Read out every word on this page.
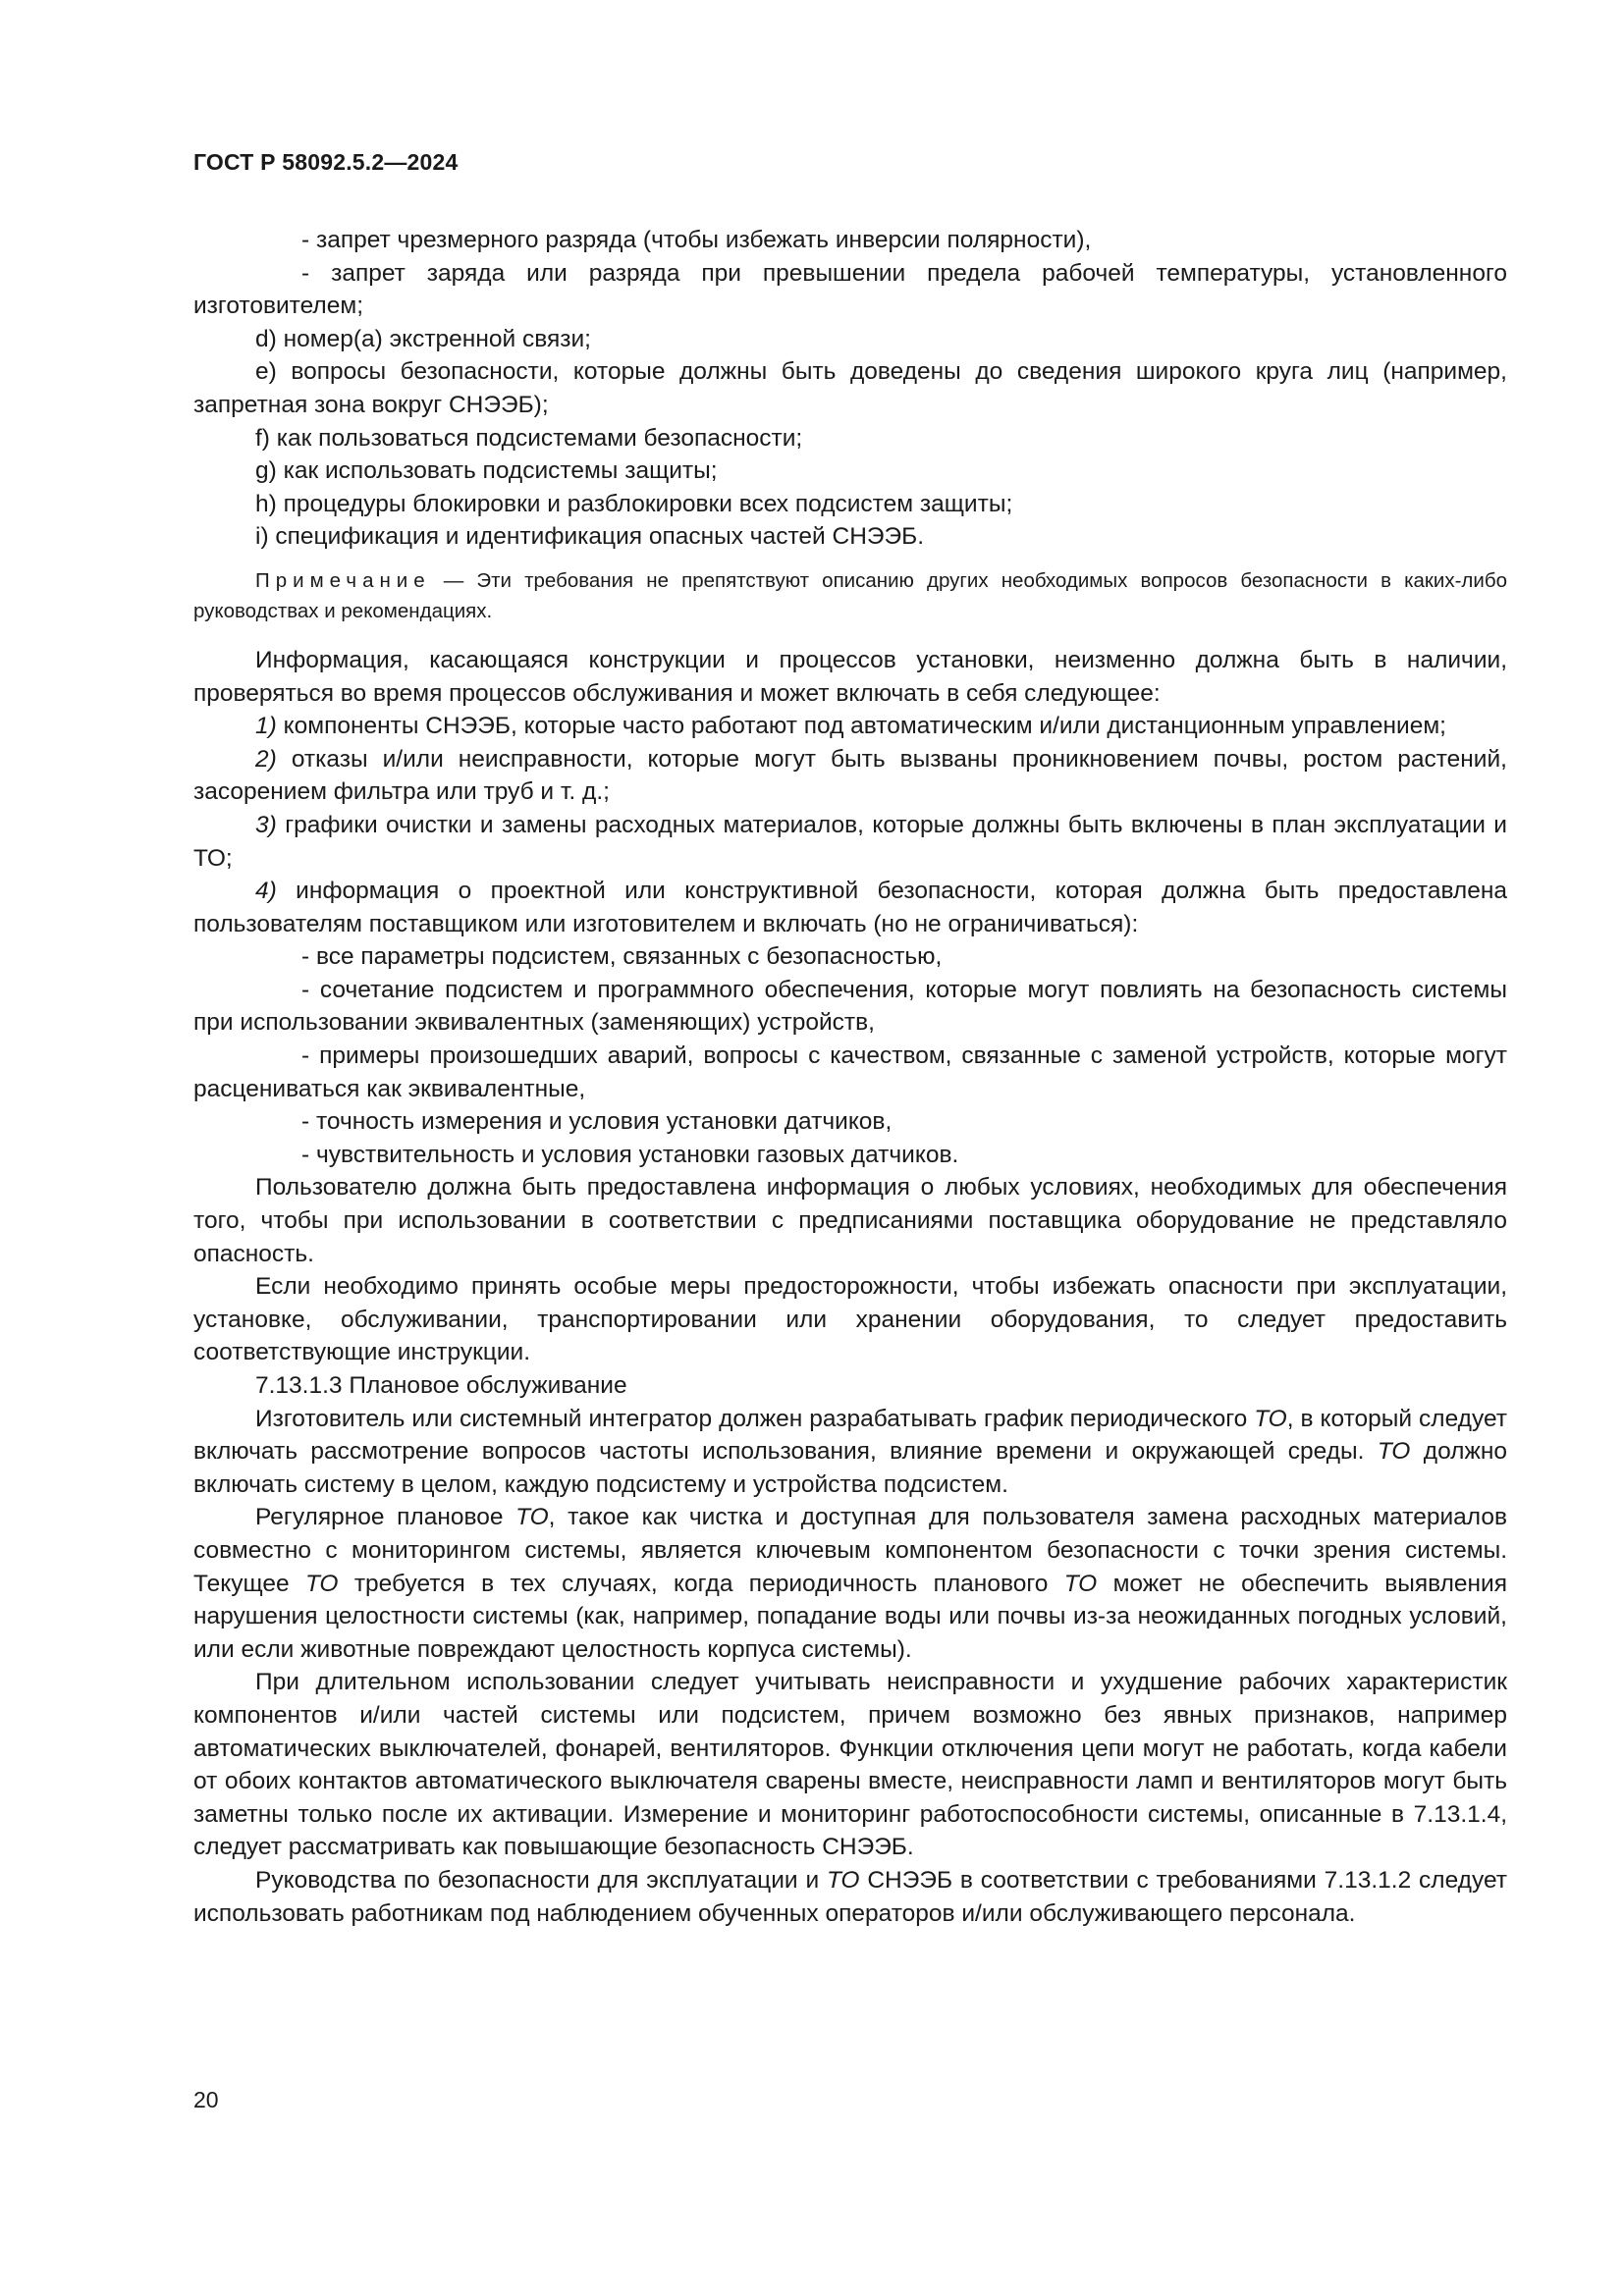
ГОСТ Р 58092.5.2—2024

- запрет чрезмерного разряда (чтобы избежать инверсии полярности),

- запрет заряда или разряда при превышении предела рабочей температуры, установленного изготовителем;

d) номер(а) экстренной связи;

e) вопросы безопасности, которые должны быть доведены до сведения широкого круга лиц (например, запретная зона вокруг СНЭЭБ);

f) как пользоваться подсистемами безопасности;

g) как использовать подсистемы защиты;

h) процедуры блокировки и разблокировки всех подсистем защиты;

i) спецификация и идентификация опасных частей СНЭЭБ.

Примечание — Эти требования не препятствуют описанию других необходимых вопросов безопасности в каких-либо руководствах и рекомендациях.

Информация, касающаяся конструкции и процессов установки, неизменно должна быть в наличии, проверяться во время процессов обслуживания и может включать в себя следующее:

1) компоненты СНЭЭБ, которые часто работают под автоматическим и/или дистанционным управлением;

2) отказы и/или неисправности, которые могут быть вызваны проникновением почвы, ростом растений, засорением фильтра или труб и т. д.;

3) графики очистки и замены расходных материалов, которые должны быть включены в план эксплуатации и ТО;

4) информация о проектной или конструктивной безопасности, которая должна быть предоставлена пользователям поставщиком или изготовителем и включать (но не ограничиваться):

- все параметры подсистем, связанных с безопасностью,

- сочетание подсистем и программного обеспечения, которые могут повлиять на безопасность системы при использовании эквивалентных (заменяющих) устройств,

- примеры произошедших аварий, вопросы с качеством, связанные с заменой устройств, которые могут расцениваться как эквивалентные,

- точность измерения и условия установки датчиков,

- чувствительность и условия установки газовых датчиков.

Пользователю должна быть предоставлена информация о любых условиях, необходимых для обеспечения того, чтобы при использовании в соответствии с предписаниями поставщика оборудование не представляло опасность.

Если необходимо принять особые меры предосторожности, чтобы избежать опасности при эксплуатации, установке, обслуживании, транспортировании или хранении оборудования, то следует предоставить соответствующие инструкции.

7.13.1.3 Плановое обслуживание

Изготовитель или системный интегратор должен разрабатывать график периодического ТО, в который следует включать рассмотрение вопросов частоты использования, влияние времени и окружающей среды. ТО должно включать систему в целом, каждую подсистему и устройства подсистем.

Регулярное плановое ТО, такое как чистка и доступная для пользователя замена расходных материалов совместно с мониторингом системы, является ключевым компонентом безопасности с точки зрения системы. Текущее ТО требуется в тех случаях, когда периодичность планового ТО может не обеспечить выявления нарушения целостности системы (как, например, попадание воды или почвы из-за неожиданных погодных условий, или если животные повреждают целостность корпуса системы).

При длительном использовании следует учитывать неисправности и ухудшение рабочих характеристик компонентов и/или частей системы или подсистем, причем возможно без явных признаков, например автоматических выключателей, фонарей, вентиляторов. Функции отключения цепи могут не работать, когда кабели от обоих контактов автоматического выключателя сварены вместе, неисправности ламп и вентиляторов могут быть заметны только после их активации. Измерение и мониторинг работоспособности системы, описанные в 7.13.1.4, следует рассматривать как повышающие безопасность СНЭЭБ.

Руководства по безопасности для эксплуатации и ТО СНЭЭБ в соответствии с требованиями 7.13.1.2 следует использовать работникам под наблюдением обученных операторов и/или обслуживающего персонала.

20
